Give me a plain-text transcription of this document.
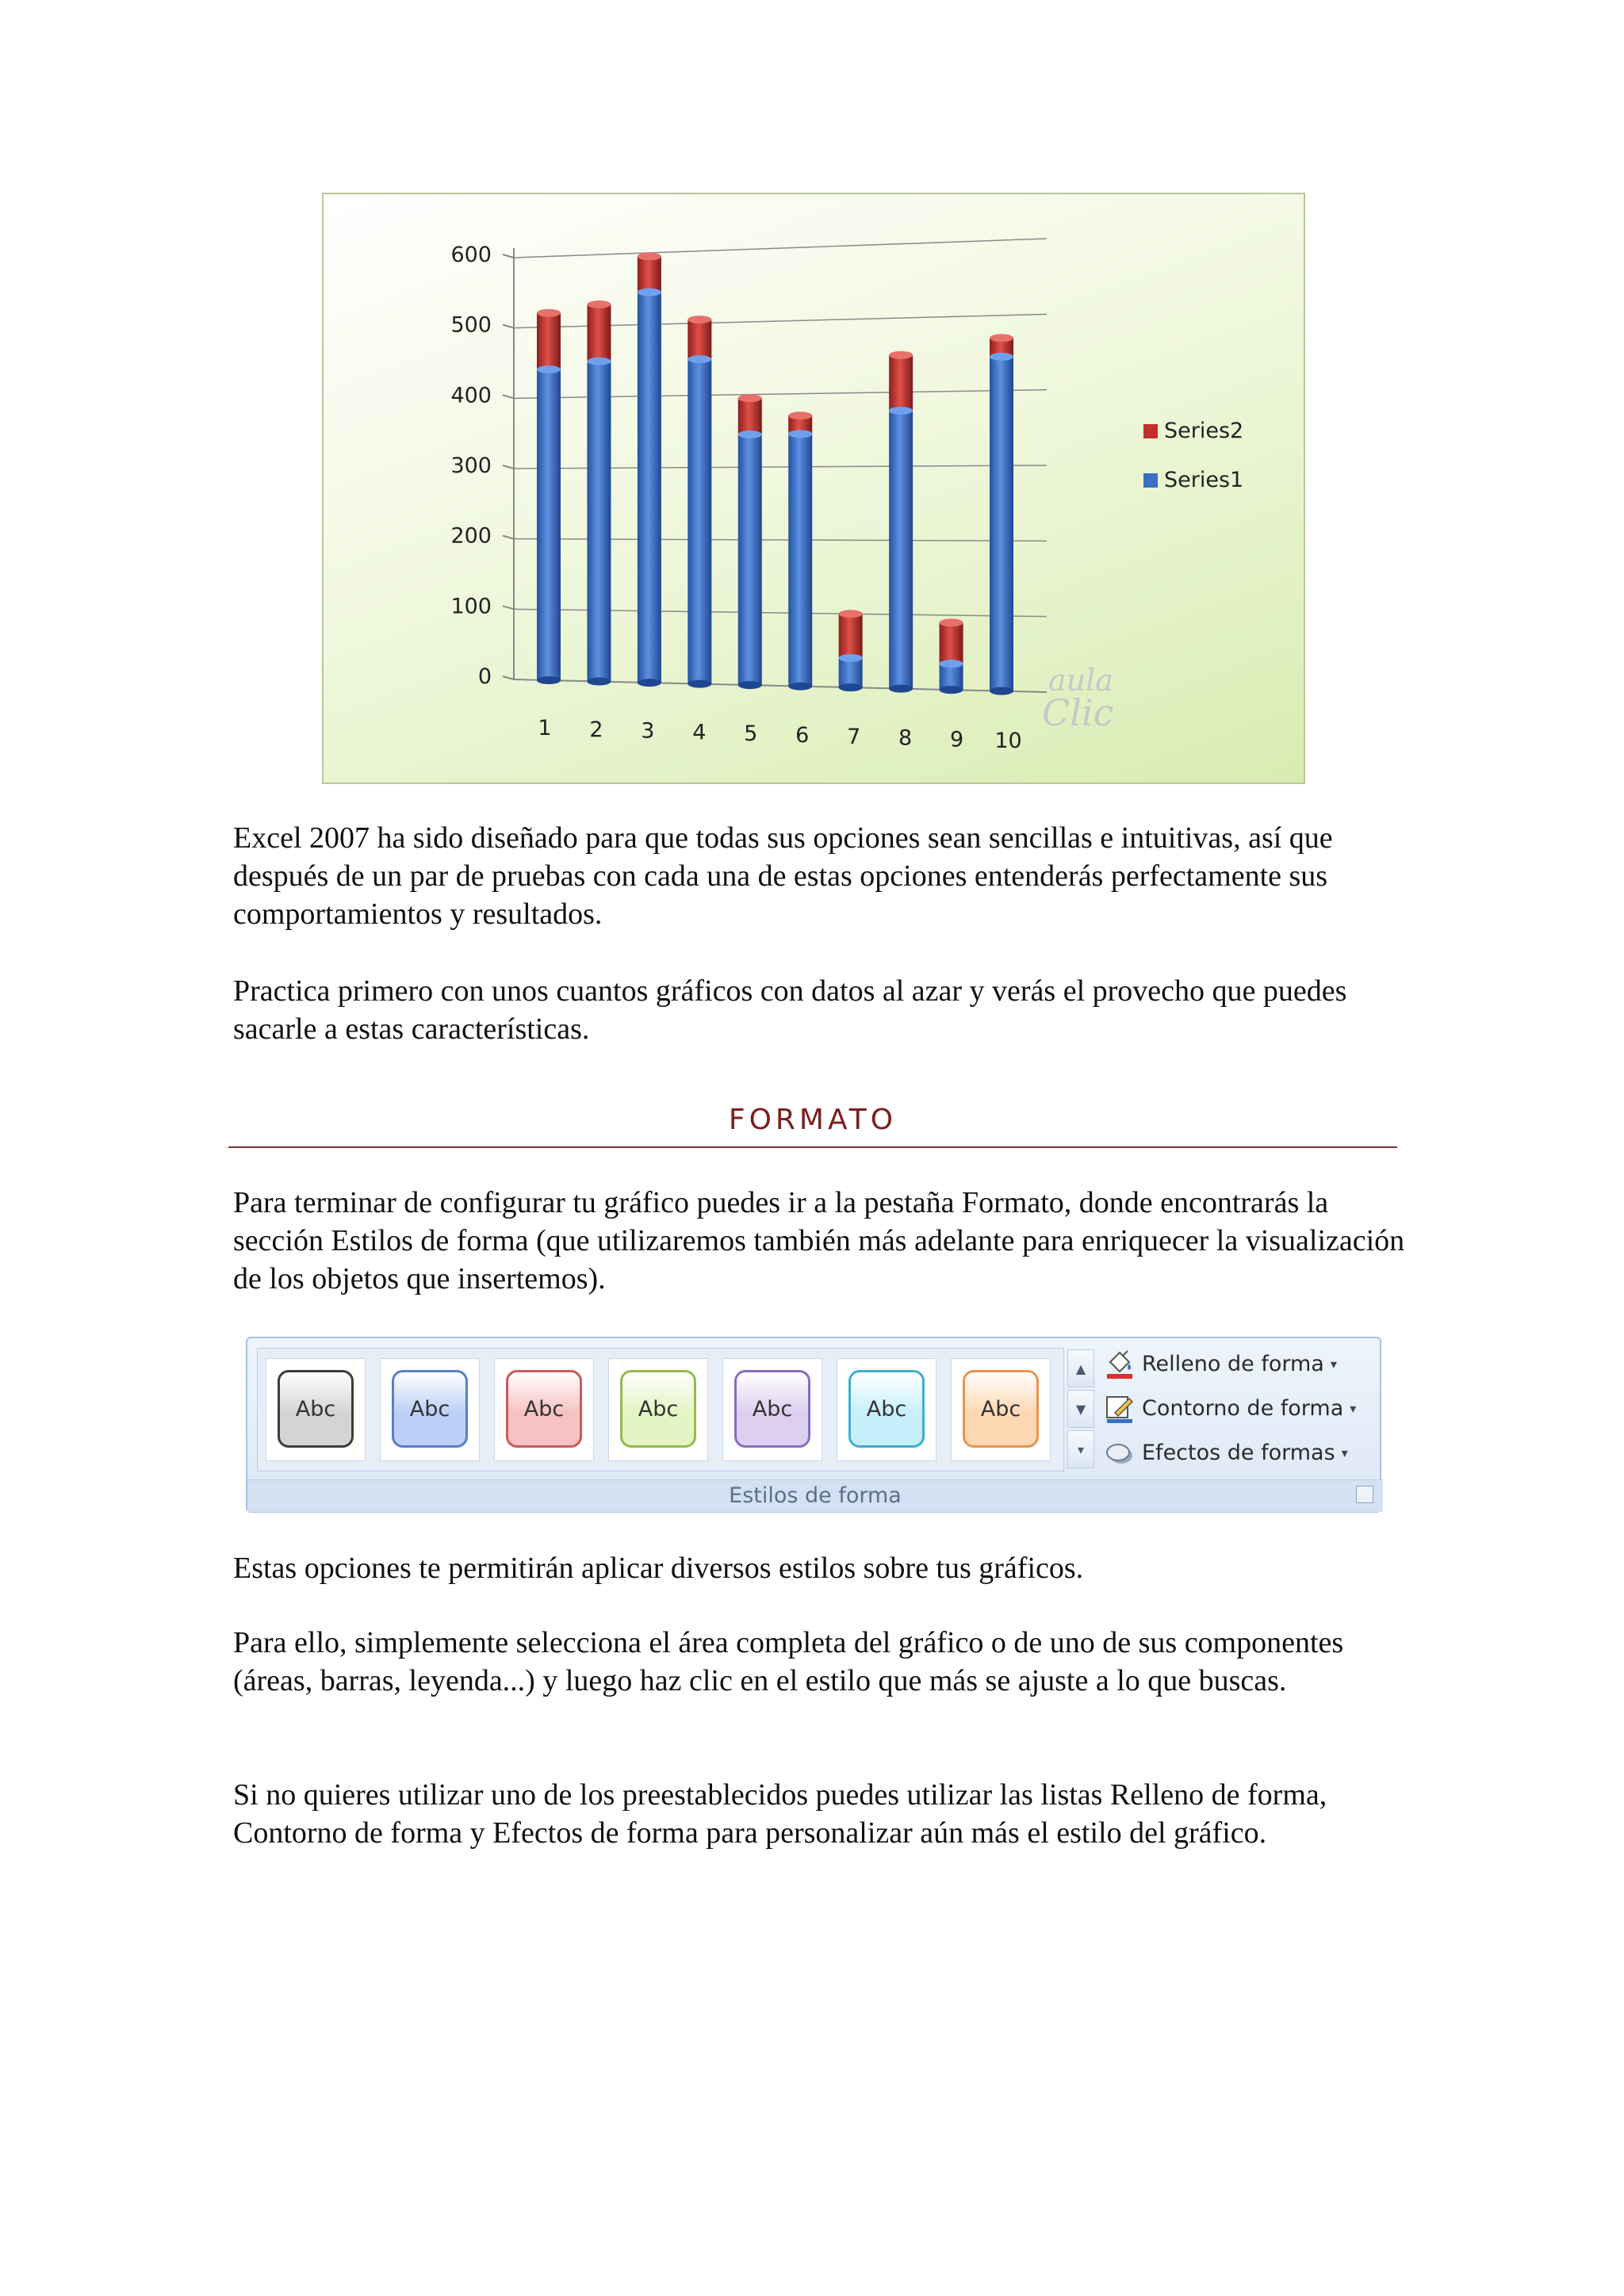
0
100
200
300
400
500
600
1 2 3 4 5 6 7 8 9 10
Series2
Series1
aula
Clic

Excel 2007 ha sido diseñado para que todas sus opciones sean sencillas e intuitivas, así que después de un par de pruebas con cada una de estas opciones entenderás perfectamente sus comportamientos y resultados.

Practica primero con unos cuantos gráficos con datos al azar y verás el provecho que puedes sacarle a estas características.

FORMATO

Para terminar de configurar tu gráfico puedes ir a la pestaña Formato, donde encontrarás la sección Estilos de forma (que utilizaremos también más adelante para enriquecer la visualización de los objetos que insertemos).

Abc	Abc	Abc	Abc	Abc	Abc	Abc
▲
▼
▾
Relleno de forma ▾
Contorno de forma ▾
Efectos de formas ▾
Estilos de forma

Estas opciones te permitirán aplicar diversos estilos sobre tus gráficos.

Para ello, simplemente selecciona el área completa del gráfico o de uno de sus componentes (áreas, barras, leyenda...) y luego haz clic en el estilo que más se ajuste a lo que buscas.

Si no quieres utilizar uno de los preestablecidos puedes utilizar las listas Relleno de forma, Contorno de forma y Efectos de forma para personalizar aún más el estilo del gráfico.
